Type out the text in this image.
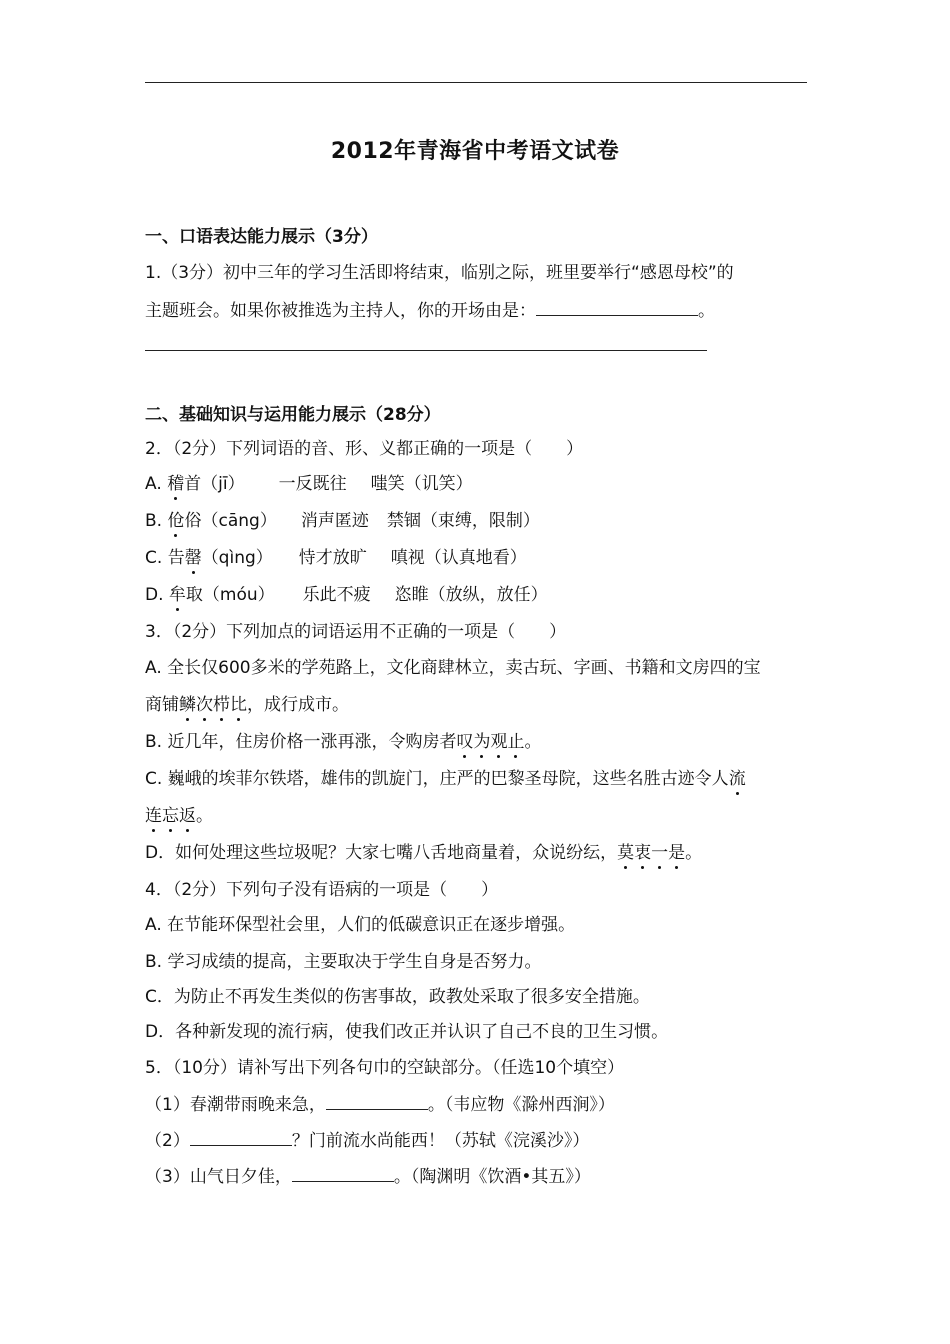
2012年青海省中考语文试卷
一、口语表达能力展示（3分）
1.（3分）初中三年的学习生活即将结束，临别之际，班里要举行“感恩母校”的
主题班会。如果你被推选为主持人，你的开场由是：	。
二、基础知识与运用能力展示（28分）
2．（2分）下列词语的音、形、义都正确的一项是（　　）
A. 稽首（jī） 一反既往 嗤笑（讥笑）
B. 伧俗（cāng） 消声匿迹 禁锢（束缚，限制）
C. 告罄（qìng） 恃才放旷 嗔视（认真地看）
D. 牟取（móu） 乐此不疲 恣睢（放纵，放任）
3．（2分）下列加点的词语运用不正确的一项是（　　）
A. 全长仅600多米的学苑路上，文化商肆林立，卖古玩、字画、书籍和文房四的宝
商铺鳞次栉比，成行成市。
B. 近几年，住房价格一涨再涨，令购房者叹为观止。
C. 巍峨的埃菲尔铁塔，雄伟的凯旋门，庄严的巴黎圣母院，这些名胜古迹令人流
连忘返。
D．如何处理这些垃圾呢？大家七嘴八舌地商量着，众说纷纭，莫衷一是。
4．（2分）下列句子没有语病的一项是（　　）
A. 在节能环保型社会里，人们的低碳意识正在逐步增强。
B. 学习成绩的提高，主要取决于学生自身是否努力。
C．为防止不再发生类似的伤害事故，政教处采取了很多安全措施。
D．各种新发现的流行病，使我们改正并认识了自己不良的卫生习惯。
5．（10分）请补写出下列各句巾的空缺部分。（任选10个填空）
（1）春潮带雨晚来急，	。（韦应物《滁州西涧》）
（2）	？门前流水尚能西！（苏轼《浣溪沙》）
（3）山气日夕佳，	。（陶渊明《饮酒•其五》）
